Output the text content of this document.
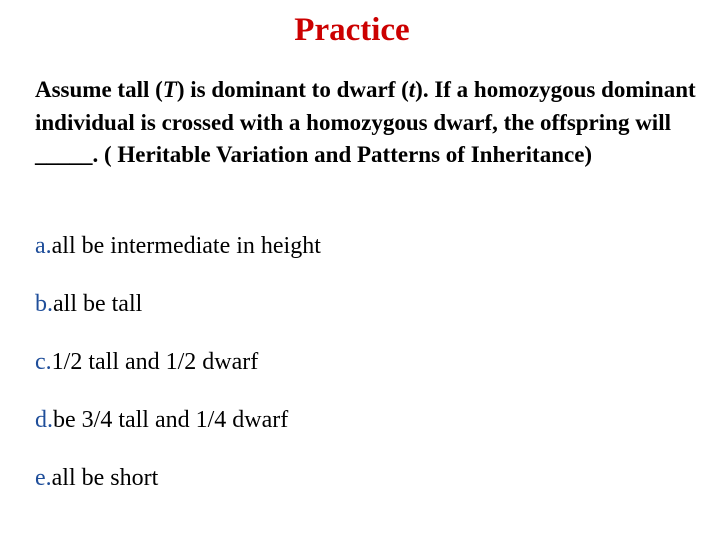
Practice
Assume tall (T) is dominant to dwarf (t). If a homozygous dominant individual is crossed with a homozygous dwarf, the offspring will _____. ( Heritable Variation and Patterns of Inheritance)
a.all be intermediate in height
b.all be tall
c.1/2 tall and 1/2 dwarf
d.be 3/4 tall and 1/4 dwarf
e.all be short
